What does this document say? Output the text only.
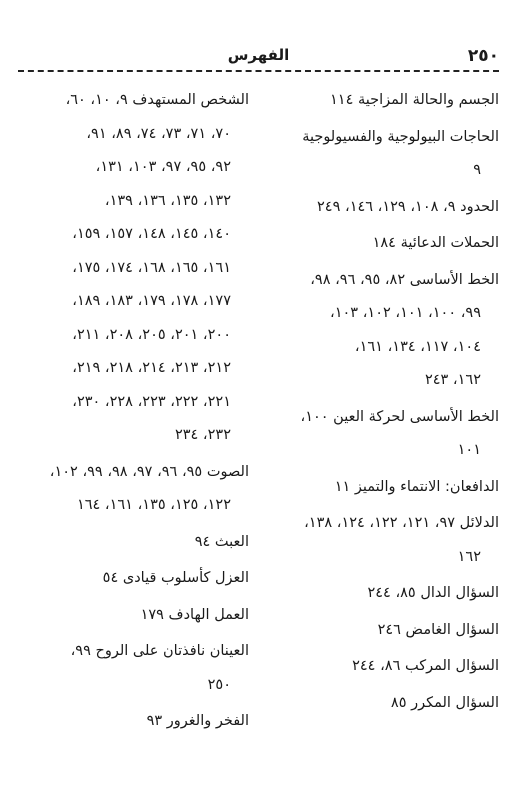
٢٥٠
الفهرس
الجسم والحالة المزاجية ١١٤
الحاجات البيولوجية والفسيولوجية
٩
الحدود ٩، ١٠٨، ١٢٩، ١٤٦، ٢٤٩
الحملات الدعائية ١٨٤
الخط الأساسى ٨٢، ٩٥، ٩٦، ٩٨،
٩٩، ١٠٠، ١٠١، ١٠٢، ١٠٣،
١٠٤، ١١٧، ١٣٤، ١٦١،
١٦٢، ٢٤٣
الخط الأساسى لحركة العين ١٠٠،
١٠١
الدافعان: الانتماء والتميز ١١
الدلائل ٩٧، ١٢١، ١٢٢، ١٢٤، ١٣٨،
١٦٢
السؤال الدال ٨٥، ٢٤٤
السؤال الغامض ٢٤٦
السؤال المركب ٨٦، ٢٤٤
السؤال المكرر ٨٥
الشخص المستهدف ٩، ١٠، ٦٠،
٧٠، ٧١، ٧٣، ٧٤، ٨٩، ٩١،
٩٢، ٩٥، ٩٧، ١٠٣، ١٣١،
١٣٢، ١٣٥، ١٣٦، ١٣٩،
١٤٠، ١٤٥، ١٤٨، ١٥٧، ١٥٩،
١٦١، ١٦٥، ١٦٨، ١٧٤، ١٧٥،
١٧٧، ١٧٨، ١٧٩، ١٨٣، ١٨٩،
٢٠٠، ٢٠١، ٢٠٥، ٢٠٨، ٢١١،
٢١٢، ٢١٣، ٢١٤، ٢١٨، ٢١٩،
٢٢١، ٢٢٢، ٢٢٣، ٢٢٨، ٢٣٠،
٢٣٢، ٢٣٤
الصوت ٩٥، ٩٦، ٩٧، ٩٨، ٩٩، ١٠٢،
١٢٢، ١٢٥، ١٣٥، ١٦١، ١٦٤
العبث ٩٤
العزل كأسلوب قيادى ٥٤
العمل الهادف ١٧٩
العينان نافذتان على الروح ٩٩،
٢٥٠
الفخر والغرور ٩٣
